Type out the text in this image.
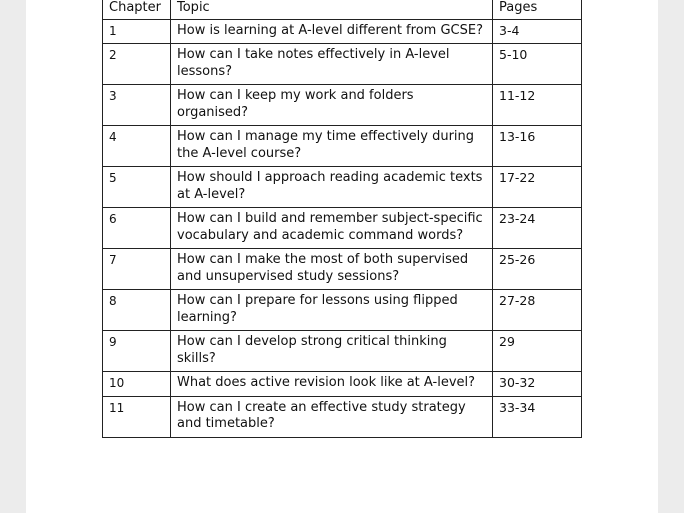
Chapter	Topic	Pages
1	How is learning at A-level different from GCSE?	3-4
2	How can I take notes effectively in A-level lessons?	5-10
3	How can I keep my work and folders organised?	11-12
4	How can I manage my time effectively during the A-level course?	13-16
5	How should I approach reading academic texts at A-level?	17-22
6	How can I build and remember subject-specific vocabulary and academic command words?	23-24
7	How can I make the most of both supervised and unsupervised study sessions?	25-26
8	How can I prepare for lessons using flipped learning?	27-28
9	How can I develop strong critical thinking skills?	29
10	What does active revision look like at A-level?	30-32
11	How can I create an effective study strategy and timetable?	33-34
